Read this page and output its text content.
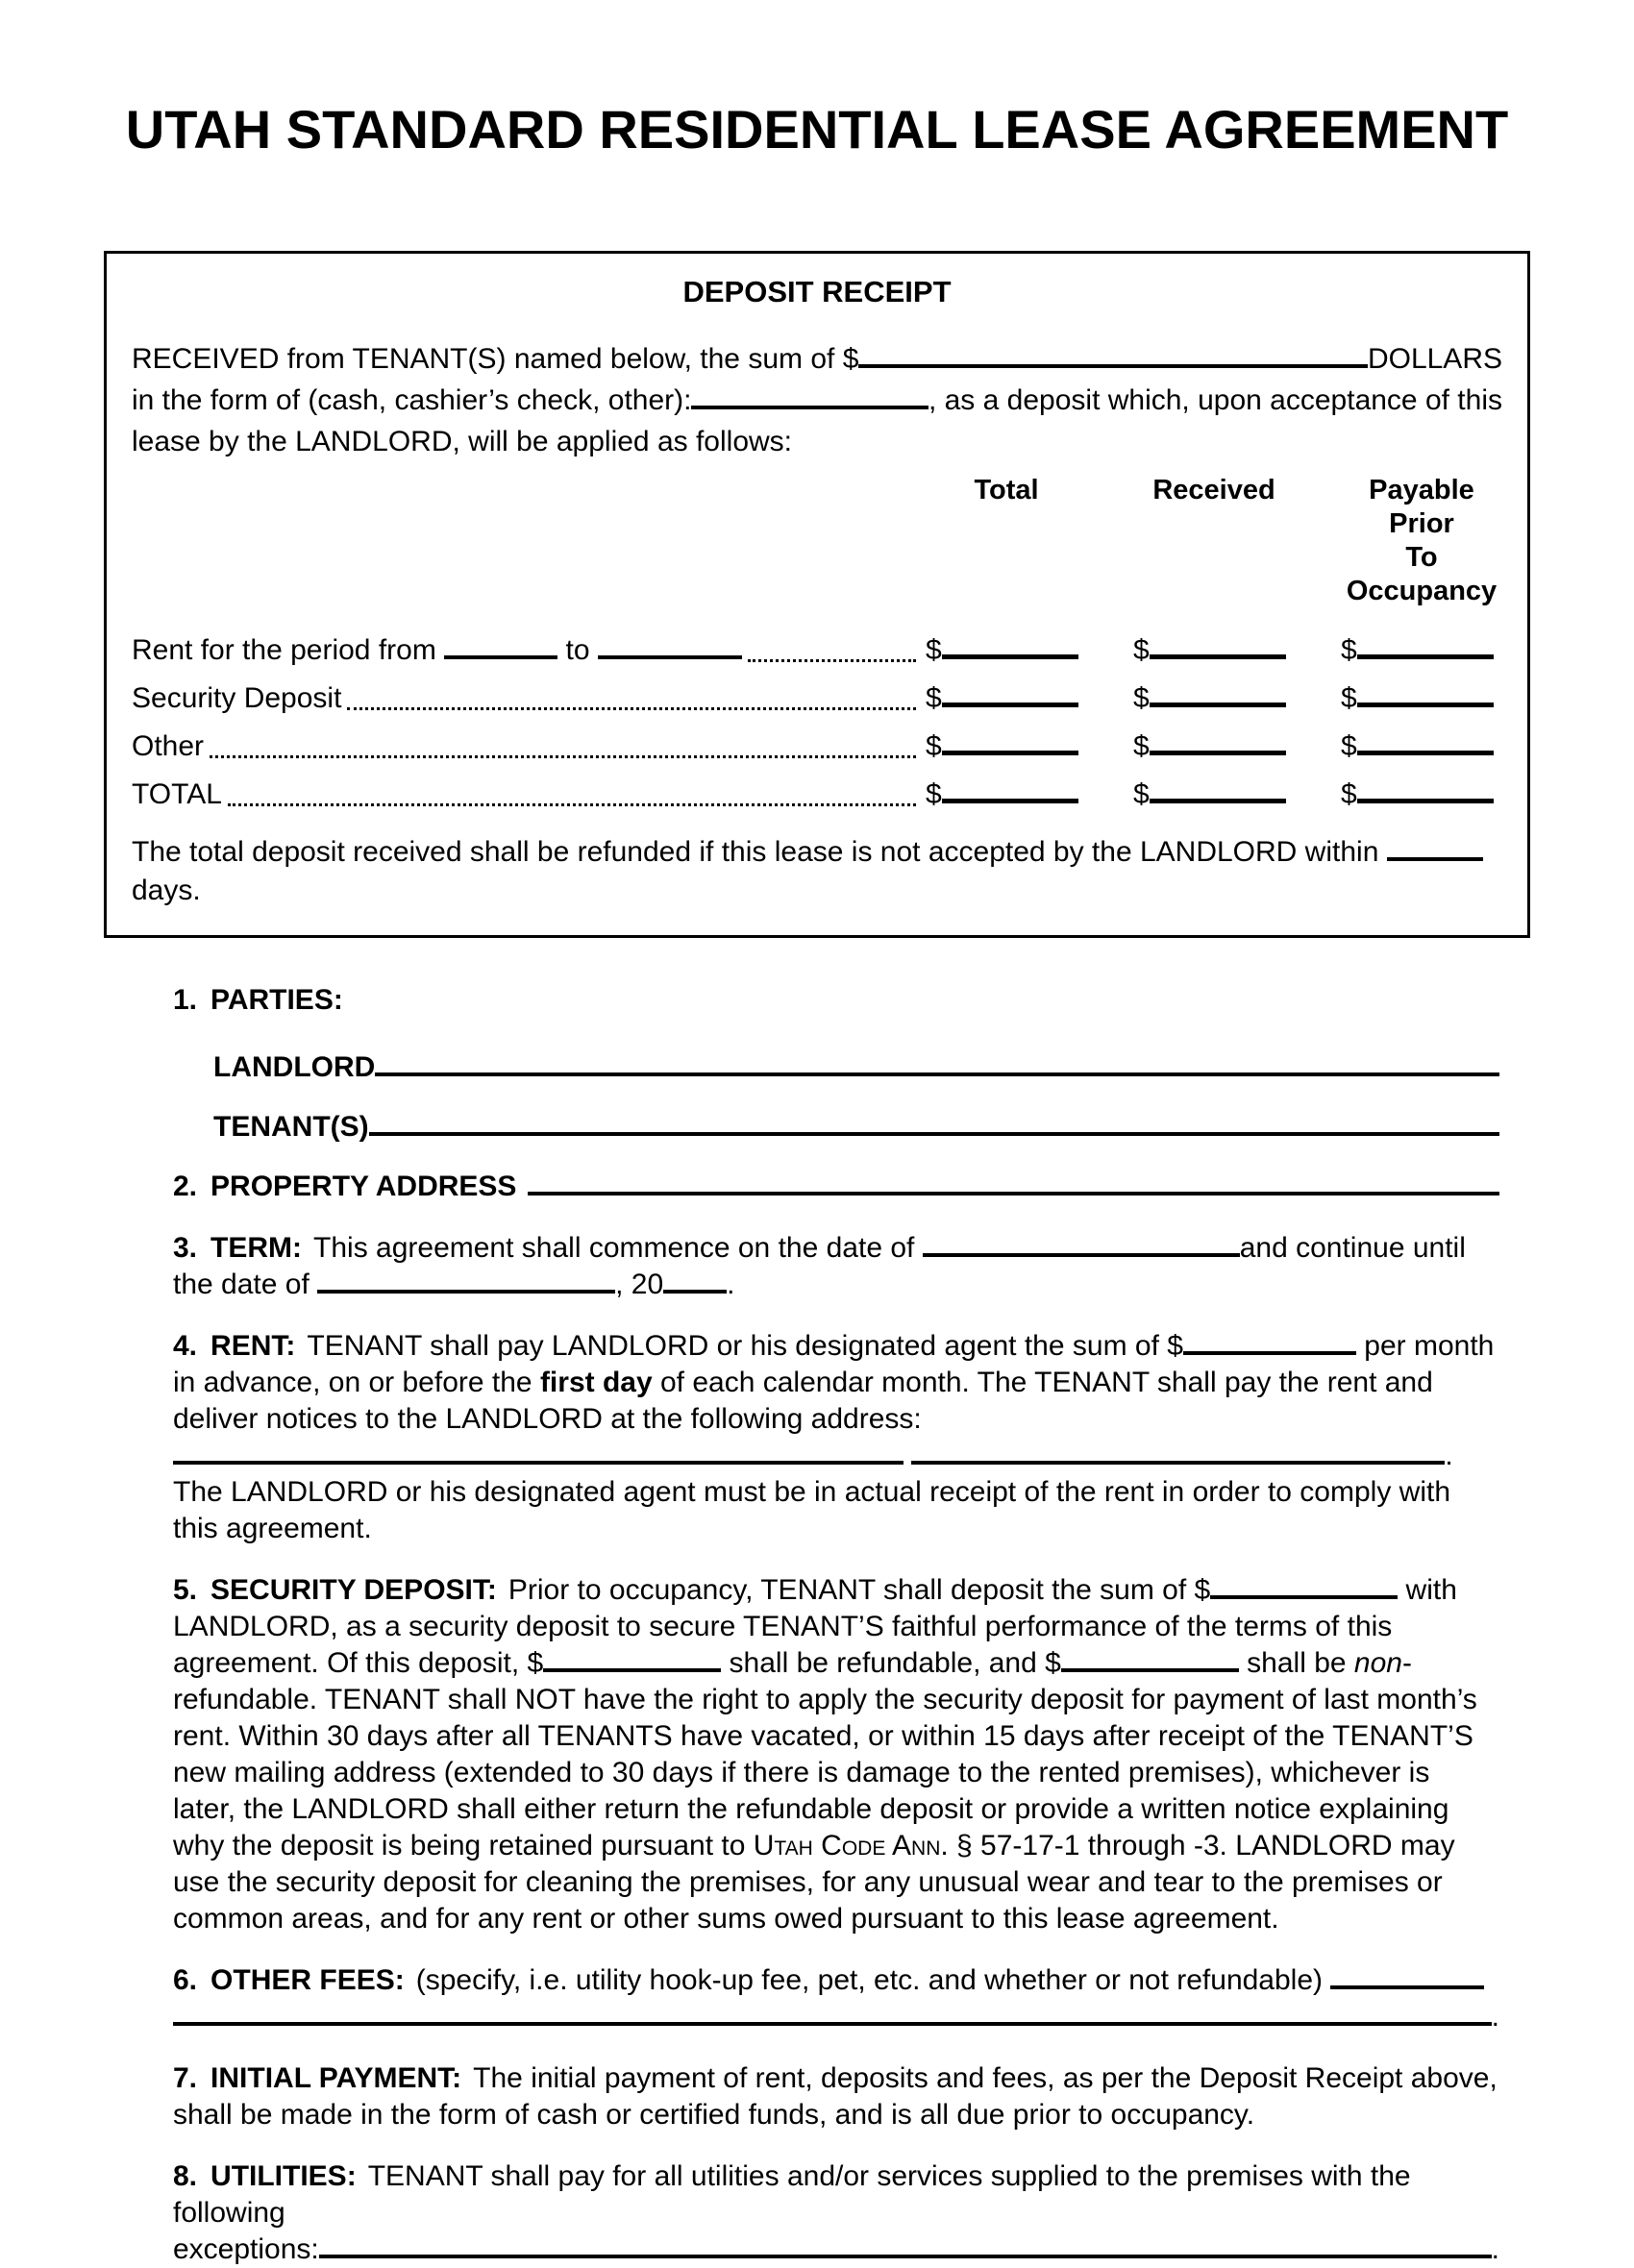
UTAH STANDARD RESIDENTIAL LEASE AGREEMENT
DEPOSIT RECEIPT
RECEIVED from TENANT(S) named below, the sum of $	DOLLARS
in the form of (cash, cashier’s check, other):	, as a deposit which, upon acceptance of this
lease by the LANDLORD, will be applied as follows:
Total	Received	Payable Prior
To Occupancy
Rent for the period from	to	$	$	$
Security Deposit	$	$	$
Other	$	$	$
TOTAL	$	$	$
The total deposit received shall be refunded if this lease is not accepted by the LANDLORD within  days.

1. PARTIES:

LANDLORD
TENANT(S)
2. PROPERTY ADDRESS

3. TERM: This agreement shall commence on the date of	and continue until the date of	, 20 .

4. RENT: TENANT shall pay LANDLORD or his designated agent the sum of $	per month in advance, on or before the first day of each calendar month. The TENANT shall pay the rent and deliver notices to the LANDLORD at the following address:  . The LANDLORD or his designated agent must be in actual receipt of the rent in order to comply with this agreement.

5. SECURITY DEPOSIT: Prior to occupancy, TENANT shall deposit the sum of $	with LANDLORD, as a security deposit to secure TENANT’S faithful performance of the terms of this agreement. Of this deposit, $	shall be refundable, and $	shall be non-refundable. TENANT shall NOT have the right to apply the security deposit for payment of last month’s rent. Within 30 days after all TENANTS have vacated, or within 15 days after receipt of the TENANT’S new mailing address (extended to 30 days if there is damage to the rented premises), whichever is later, the LANDLORD shall either return the refundable deposit or provide a written notice explaining why the deposit is being retained pursuant to Utah Code Ann. § 57-17-1 through -3. LANDLORD may use the security deposit for cleaning the premises, for any unusual wear and tear to the premises or common areas, and for any rent or other sums owed pursuant to this lease agreement.

6. OTHER FEES: (specify, i.e. utility hook-up fee, pet, etc. and whether or not refundable)

.

7. INITIAL PAYMENT: The initial payment of rent, deposits and fees, as per the Deposit Receipt above, shall be made in the form of cash or certified funds, and is all due prior to occupancy.

8. UTILITIES: TENANT shall pay for all utilities and/or services supplied to the premises with the following

exceptions:	.
